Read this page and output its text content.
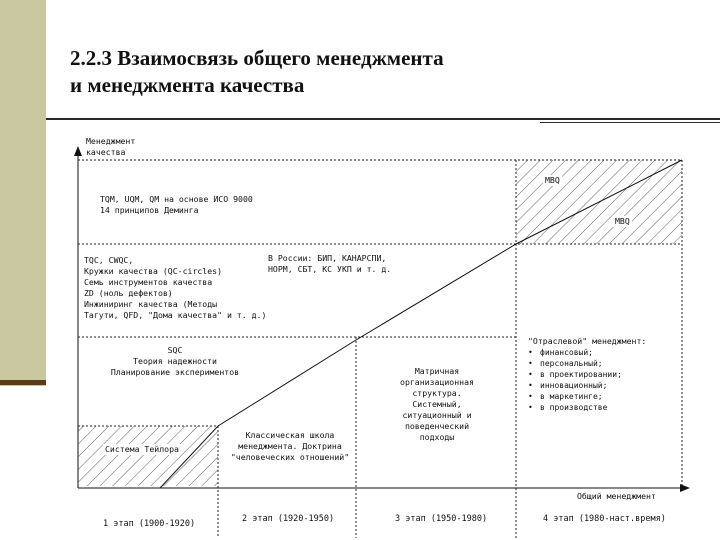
2.2.3 Взаимосвязь общего менеджмента
и менеджмента качества
Менеджмент
качества
MBQ
MBQ
TQM, UQM, QM на основе ИСО 9000
14 принципов Деминга
TQC, CWQC,
Кружки качества (QC-circles)
Семь инструментов качества
ZD (ноль дефектов)
Инжиниринг качества (Методы
Тагути, QFD, "Дома качества" и т. д.)
В России: БИП, КАНАРСПИ,
НОРМ, СБТ, КС УКП и т. д.
SQC
Теория надежности
Планирование экспериментов	Матричная
организационная
структура.
Системный,
ситуационный и
поведенческий
подходы
"Отраслевой" менеджмент:
• финансовый;
• персональный;
• в проектировании;
• инновационный;
• в маркетинге;
• в производстве
Классическая школа
менеджмента. Доктрина
"человеческих отношений"
Система Тейлора
Общий менеджмент
1 этап (1900-1920)	2 этап (1920-1950)	3 этап (1950-1980)	4 этап (1980-наст.время)
